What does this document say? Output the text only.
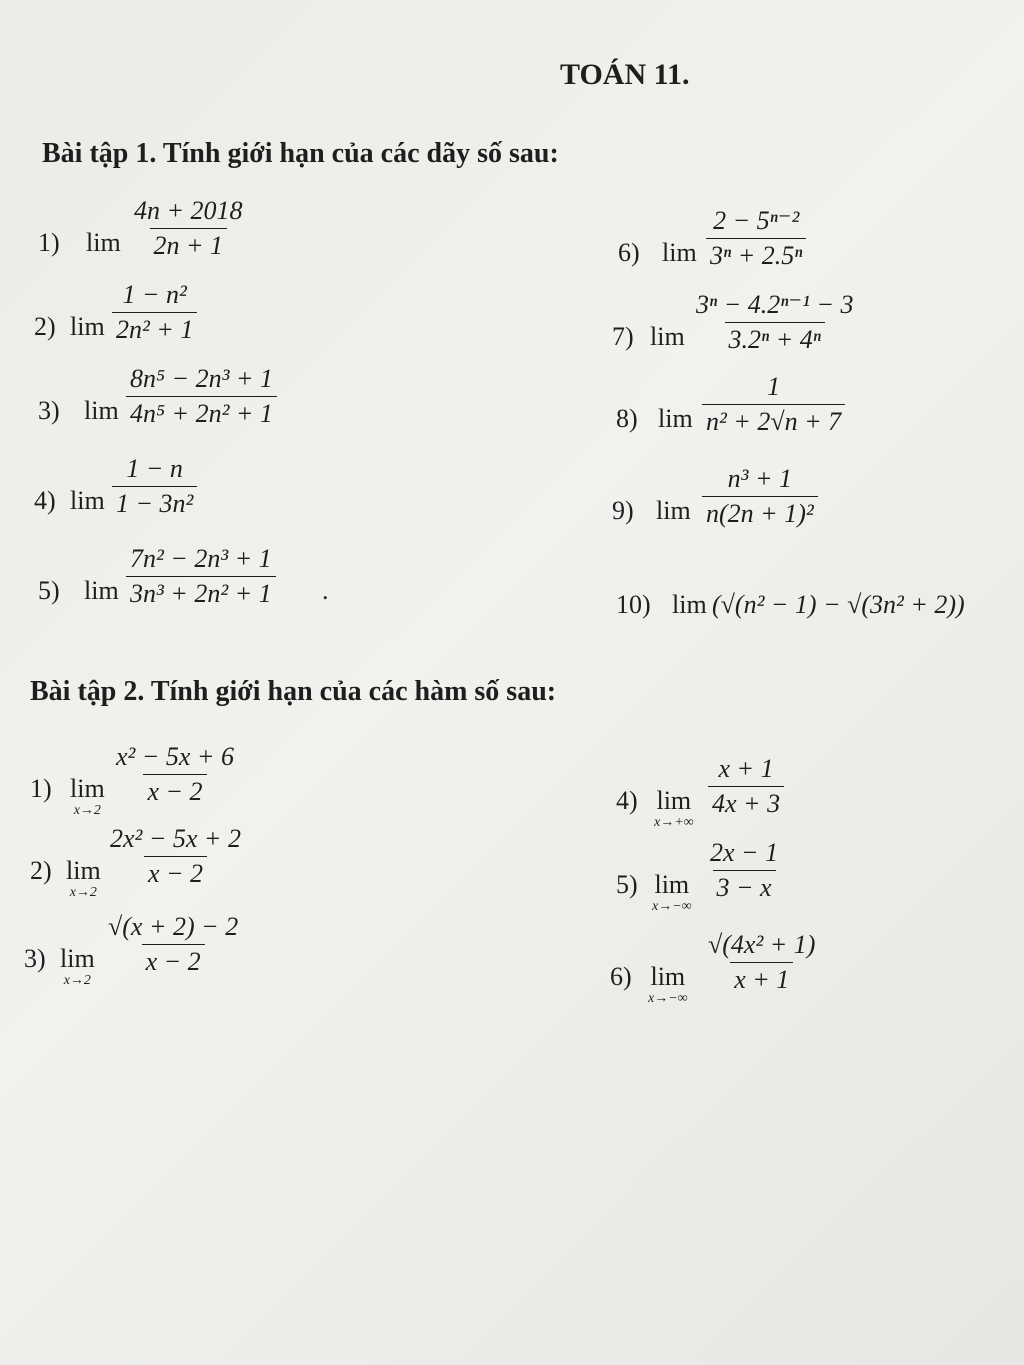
TOÁN 11.
Bài tập 1. Tính giới hạn của các dãy số sau:
1) $\lim \frac{4n + 2018}{2n + 1}$
2) $\lim \frac{\text{1 − n²}}{\text{2n² + 1}}$
3) $\lim \frac{\text{8n⁵ − 2n³ + 1}}{\text{4n⁵ + 2n² + 1}}$
4) $\lim \frac{1 - n}{\text{1 − 3n²}}$
5) $\lim \frac{\text{7n² − 2n³ + 1}}{\text{3n³ + 2n² + 1}}$ .
6) $\lim \frac{\text{2 − 5ⁿ⁻²}}{\text{3ⁿ + 2.5ⁿ}}$
7) $\lim \frac{\text{3ⁿ − 4.2ⁿ⁻¹ − 3}}{\text{3.2ⁿ + 4ⁿ}}$
8) $\lim \frac{1}{\text{n² + 2√n + 7}}$
9) $\lim \frac{\text{n³ + 1}}{\text{n(2n + 1)²}}$
10) lim (√(n² − 1) − √(3n² + 2))
Bài tập 2. Tính giới hạn của các hàm số sau:
1) lim
x→2
$\frac{\text{x² − 5x + 6}}{x - 2}$
2) lim
x→2
$\frac{\text{2x² − 5x + 2}}{x - 2}$
3) lim
x→2
$\frac{√(x + 2) - 2}{x - 2}$
4) lim
x→+∞
$\frac{x + 1}{4x + 3}$
5) lim
x→−∞
$\frac{2x - 1}{3 - x}$
6) lim
x→−∞
$\frac{\text{√(4x² + 1)}}{x + 1}$
